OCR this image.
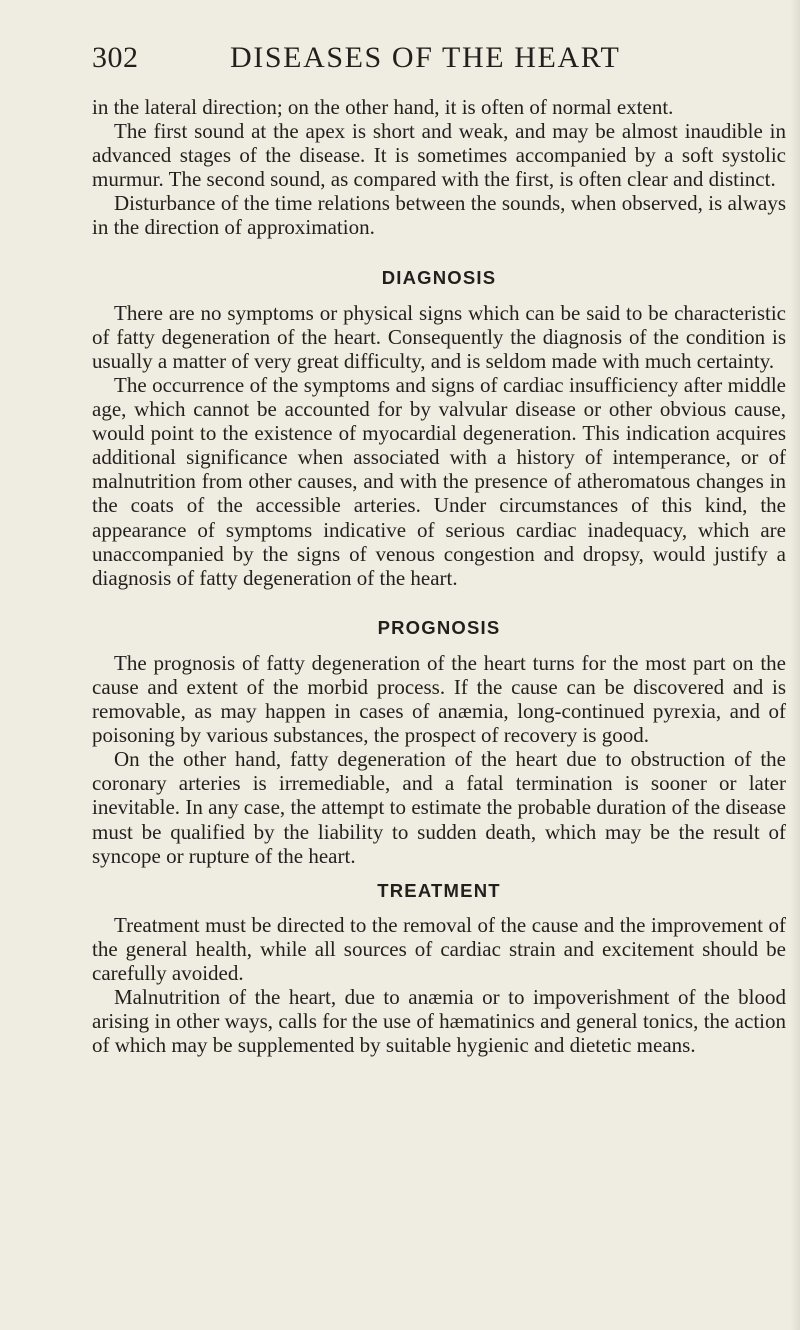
302	DISEASES OF THE HEART

in the lateral direction; on the other hand, it is often of normal extent.

The first sound at the apex is short and weak, and may be almost inaudible in advanced stages of the disease. It is sometimes accompanied by a soft systolic murmur. The second sound, as compared with the first, is often clear and distinct.

Disturbance of the time relations between the sounds, when observed, is always in the direction of approximation.

DIAGNOSIS

There are no symptoms or physical signs which can be said to be characteristic of fatty degeneration of the heart. Consequently the diagnosis of the condition is usually a matter of very great difficulty, and is seldom made with much certainty.

The occurrence of the symptoms and signs of cardiac insufficiency after middle age, which cannot be accounted for by valvular disease or other obvious cause, would point to the existence of myocardial degeneration. This indication acquires additional significance when associated with a history of intemperance, or of malnutrition from other causes, and with the presence of atheromatous changes in the coats of the accessible arteries. Under circumstances of this kind, the appearance of symptoms indicative of serious cardiac inadequacy, which are unaccompanied by the signs of venous congestion and dropsy, would justify a diagnosis of fatty degeneration of the heart.

PROGNOSIS

The prognosis of fatty degeneration of the heart turns for the most part on the cause and extent of the morbid process. If the cause can be discovered and is removable, as may happen in cases of anæmia, long-continued pyrexia, and of poisoning by various substances, the prospect of recovery is good.

On the other hand, fatty degeneration of the heart due to obstruction of the coronary arteries is irremediable, and a fatal termination is sooner or later inevitable. In any case, the attempt to estimate the probable duration of the disease must be qualified by the liability to sudden death, which may be the result of syncope or rupture of the heart.

TREATMENT

Treatment must be directed to the removal of the cause and the improvement of the general health, while all sources of cardiac strain and excitement should be carefully avoided.

Malnutrition of the heart, due to anæmia or to impoverishment of the blood arising in other ways, calls for the use of hæmatinics and general tonics, the action of which may be supplemented by suitable hygienic and dietetic means.
